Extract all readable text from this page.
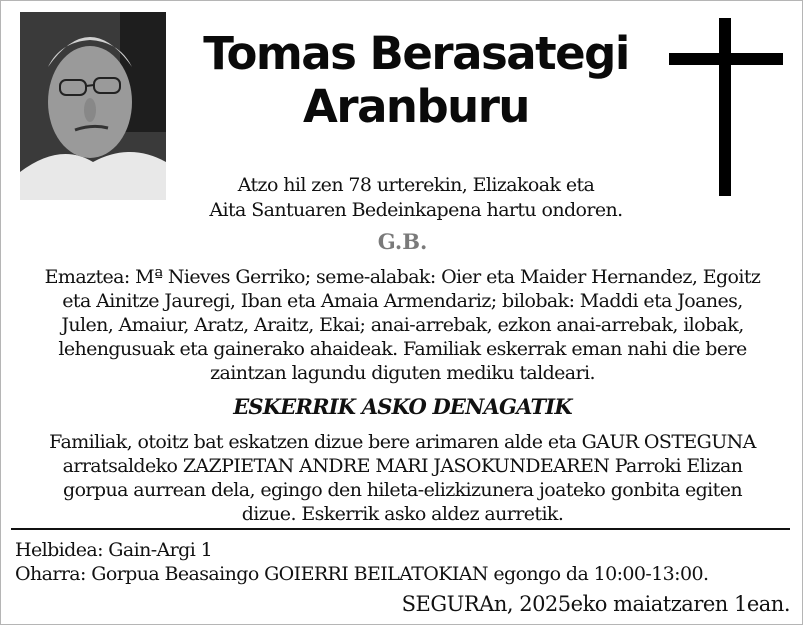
Tomas Berasategi
Aranburu
Atzo hil zen 78 urterekin, Elizakoak eta
Aita Santuaren Bedeinkapena hartu ondoren.
G.B.
Emaztea: Mª Nieves Gerriko; seme-alabak: Oier eta Maider Hernandez, Egoitz
eta Ainitze Jauregi, Iban eta Amaia Armendariz; bilobak: Maddi eta Joanes,
Julen, Amaiur, Aratz, Araitz, Ekai; anai-arrebak, ezkon anai-arrebak, ilobak,
lehengusuak eta gainerako ahaideak. Familiak eskerrak eman nahi die bere
zaintzan lagundu diguten mediku taldeari.
ESKERRIK ASKO DENAGATIK
Familiak, otoitz bat eskatzen dizue bere arimaren alde eta GAUR OSTEGUNA
arratsaldeko ZAZPIETAN ANDRE MARI JASOKUNDEAREN Parroki Elizan
gorpua aurrean dela, egingo den hileta-elizkizunera joateko gonbita egiten
dizue. Eskerrik asko aldez aurretik.
Helbidea: Gain-Argi 1
Oharra: Gorpua Beasaingo GOIERRI BEILATOKIAN egongo da 10:00-13:00.
SEGURAn, 2025eko maiatzaren 1ean.
